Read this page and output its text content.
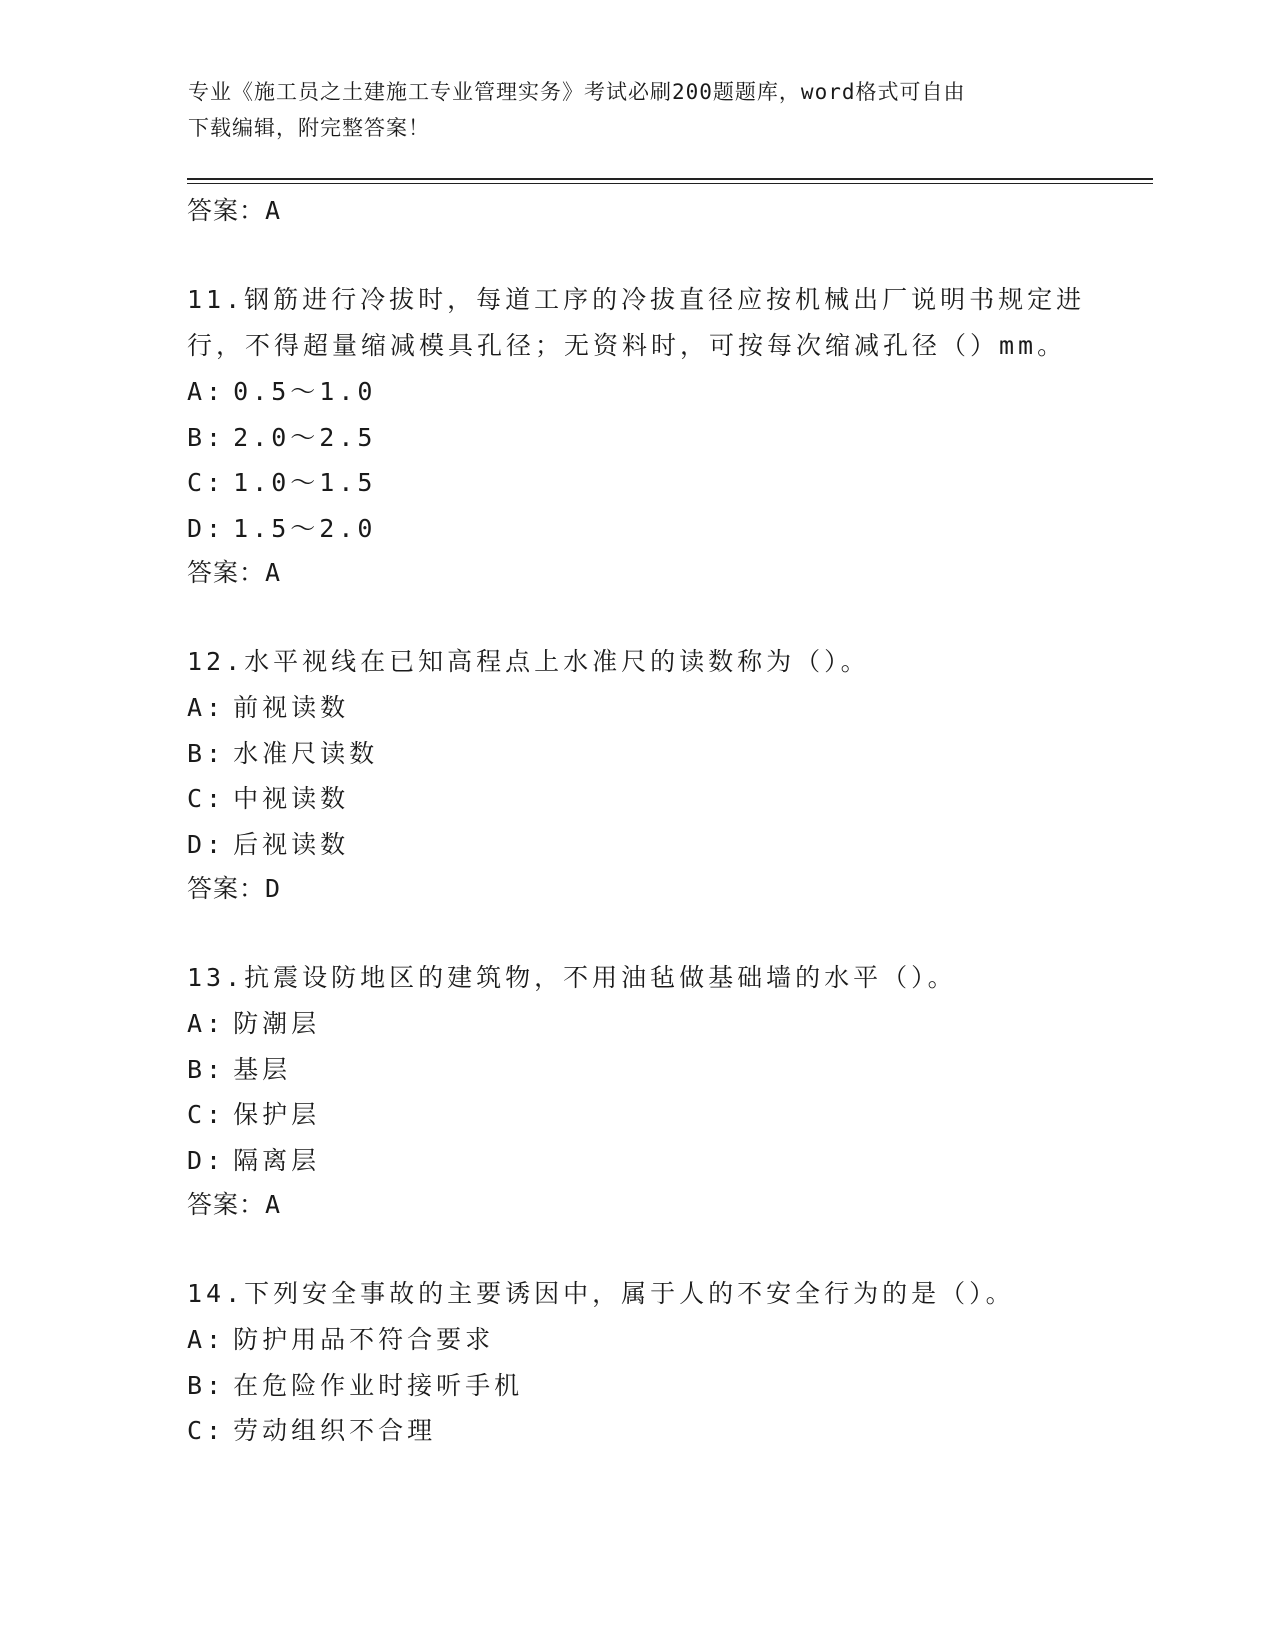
专业《施工员之土建施工专业管理实务》考试必刷200题题库，word格式可自由
下载编辑，附完整答案！
答案：A
11.钢筋进行冷拔时，每道工序的冷拔直径应按机械出厂说明书规定进
行，不得超量缩减模具孔径；无资料时，可按每次缩减孔径（）mm。
A: 0.5～1.0
B: 2.0～2.5
C: 1.0～1.5
D: 1.5～2.0
答案：A
12.水平视线在已知高程点上水准尺的读数称为（）。
A: 前视读数
B: 水准尺读数
C: 中视读数
D: 后视读数
答案：D
13.抗震设防地区的建筑物，不用油毡做基础墙的水平（）。
A: 防潮层
B: 基层
C: 保护层
D: 隔离层
答案：A
14.下列安全事故的主要诱因中，属于人的不安全行为的是（）。
A: 防护用品不符合要求
B: 在危险作业时接听手机
C: 劳动组织不合理
